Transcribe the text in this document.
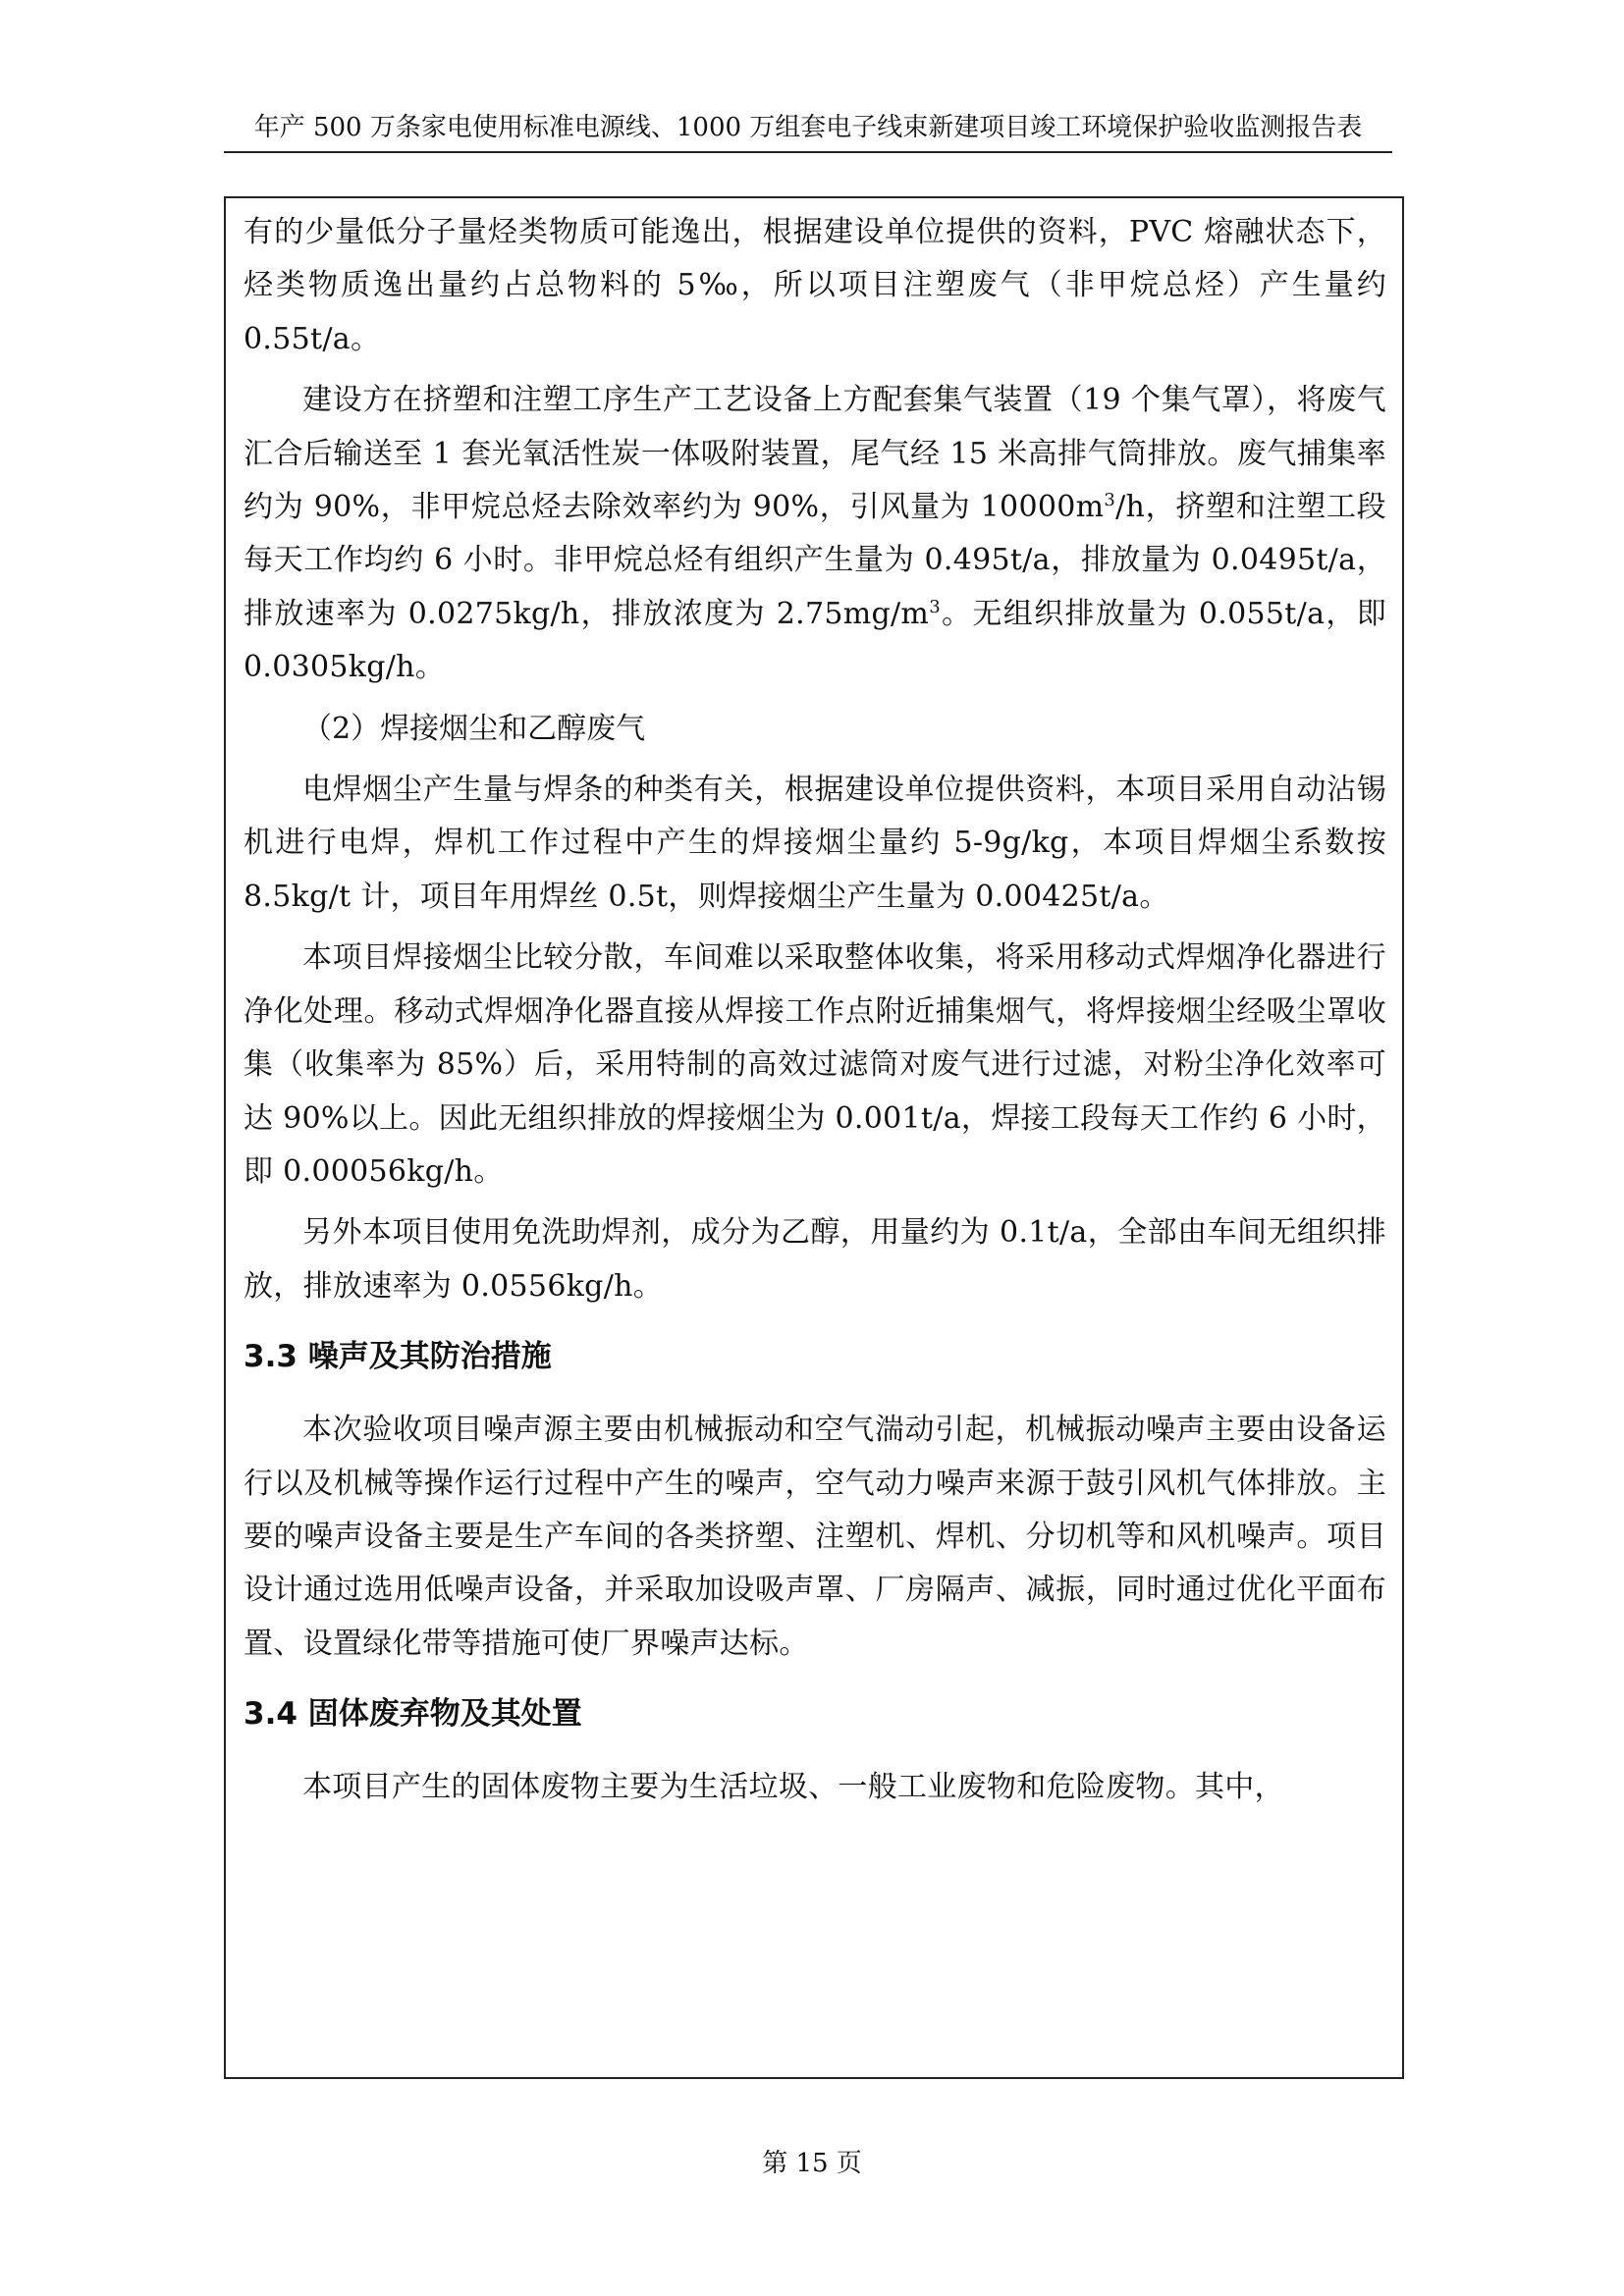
年产 500 万条家电使用标准电源线、1000 万组套电子线束新建项目竣工环境保护验收监测报告表

有的少量低分子量烃类物质可能逸出，根据建设单位提供的资料，PVC 熔融状态下，烃类物质逸出量约占总物料的 5‰，所以项目注塑废气（非甲烷总烃）产生量约 0.55t/a。

建设方在挤塑和注塑工序生产工艺设备上方配套集气装置（19 个集气罩），将废气汇合后输送至 1 套光氧活性炭一体吸附装置，尾气经 15 米高排气筒排放。废气捕集率约为 90%，非甲烷总烃去除效率约为 90%，引风量为 $10000m^3/h$，挤塑和注塑工段每天工作均约 6 小时。非甲烷总烃有组织产生量为 0.495t/a，排放量为 0.0495t/a，排放速率为 0.0275kg/h，排放浓度为 $2.75mg/m^3$。无组织排放量为 0.055t/a，即 0.0305kg/h。

（2）焊接烟尘和乙醇废气

电焊烟尘产生量与焊条的种类有关，根据建设单位提供资料，本项目采用自动沾锡机进行电焊，焊机工作过程中产生的焊接烟尘量约 5-9g/kg，本项目焊烟尘系数按 8.5kg/t 计，项目年用焊丝 0.5t，则焊接烟尘产生量为 0.00425t/a。

本项目焊接烟尘比较分散，车间难以采取整体收集，将采用移动式焊烟净化器进行净化处理。移动式焊烟净化器直接从焊接工作点附近捕集烟气，将焊接烟尘经吸尘罩收集（收集率为 85%）后，采用特制的高效过滤筒对废气进行过滤，对粉尘净化效率可达 90%以上。因此无组织排放的焊接烟尘为 0.001t/a，焊接工段每天工作约 6 小时，即 0.00056kg/h。

另外本项目使用免洗助焊剂，成分为乙醇，用量约为 0.1t/a，全部由车间无组织排放，排放速率为 0.0556kg/h。

3.3 噪声及其防治措施

本次验收项目噪声源主要由机械振动和空气湍动引起，机械振动噪声主要由设备运行以及机械等操作运行过程中产生的噪声，空气动力噪声来源于鼓引风机气体排放。主要的噪声设备主要是生产车间的各类挤塑、注塑机、焊机、分切机等和风机噪声。项目设计通过选用低噪声设备，并采取加设吸声罩、厂房隔声、减振，同时通过优化平面布置、设置绿化带等措施可使厂界噪声达标。

3.4 固体废弃物及其处置

本项目产生的固体废物主要为生活垃圾、一般工业废物和危险废物。其中，

第 15 页
